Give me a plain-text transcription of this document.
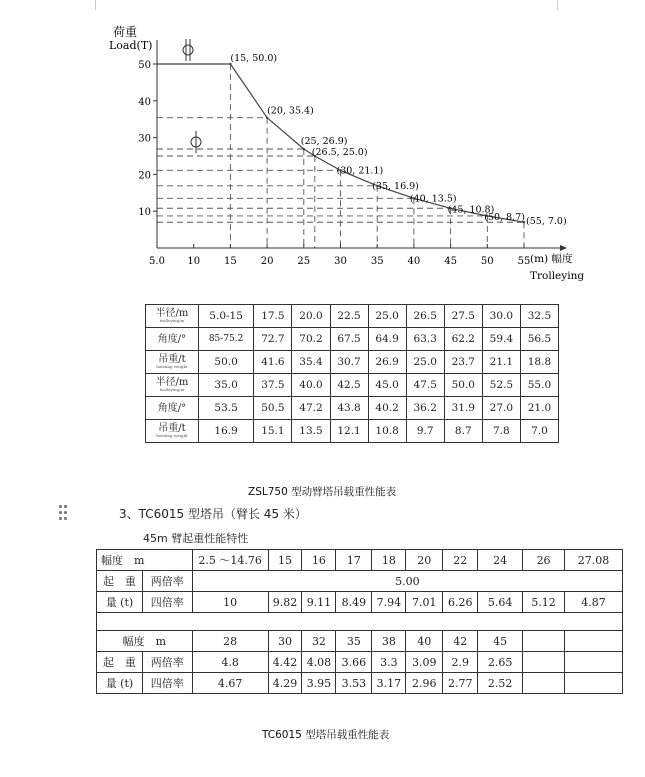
5.0 10 15 20 25 30 35 40 45 50 55
10
20
30
40
50
(15, 50.0)
(20, 35.4)
(25, 26.9)
(26.5, 25.0)
(30, 21.1)
(35, 16.9)
(40, 13.5)
(45, 10.8)
(50, 8.7) (55, 7.0)
荷重
Load(T)
(m) 幅度
Trolleying
半径/m
trolleying/m	5.0-15	17.5	20.0	22.5	25.0	26.5	27.5	30.0	32.5
角度/°	85-75.2	72.7	70.2	67.5	64.9	63.3	62.2	59.4	56.5
吊重/t
hoisting weight	50.0	41.6	35.4	30.7	26.9	25.0	23.7	21.1	18.8
半径/m
trolleying/m	35.0	37.5	40.0	42.5	45.0	47.5	50.0	52.5	55.0
角度/°	53.5	50.5	47.2	43.8	40.2	36.2	31.9	27.0	21.0
吊重/t
hoisting weight	16.9	15.1	13.5	12.1	10.8	9.7	8.7	7.8	7.0
ZSL750 型动臂塔吊载重性能表
3、TC6015 型塔吊（臂长 45 米）
45m 臂起重性能特性
幅度　m		2.5 ～14.76	15	16	17	18	20	22	24	26	27.08
起　重	两倍率	5.00									
量 (t)	四倍率	10	9.82	9.11	8.49	7.94	7.01	6.26	5.64	5.12	4.87

幅度　m		28	30	32	35	38	40	42	45		
起　重	两倍率	4.8	4.42	4.08	3.66	3.3	3.09	2.9	2.65		
量 (t)	四倍率	4.67	4.29	3.95	3.53	3.17	2.96	2.77	2.52		
TC6015 型塔吊载重性能表
